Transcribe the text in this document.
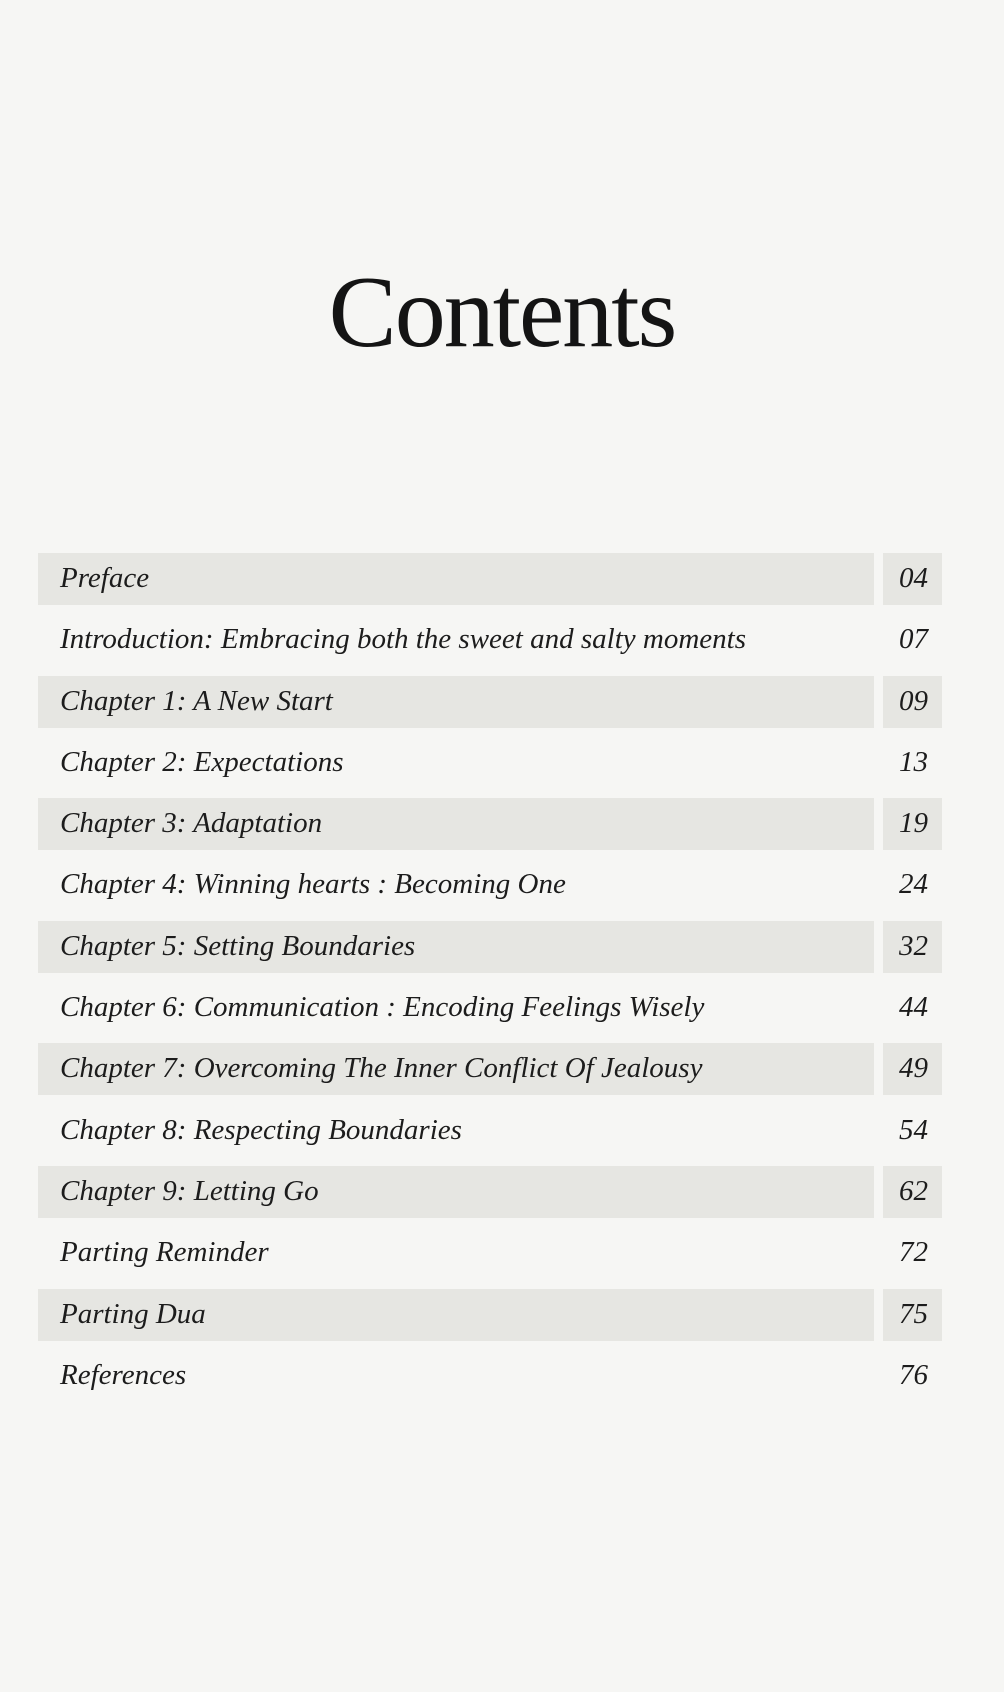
Contents
Preface	04
Introduction: Embracing both the sweet and salty moments	07
Chapter 1: A New Start	09
Chapter 2: Expectations	13
Chapter 3: Adaptation	19
Chapter 4: Winning hearts : Becoming One	24
Chapter 5: Setting Boundaries	32
Chapter 6: Communication : Encoding Feelings Wisely	44
Chapter 7: Overcoming The Inner Conflict Of Jealousy	49
Chapter 8: Respecting Boundaries	54
Chapter 9: Letting Go	62
Parting Reminder	72
Parting Dua	75
References	76
